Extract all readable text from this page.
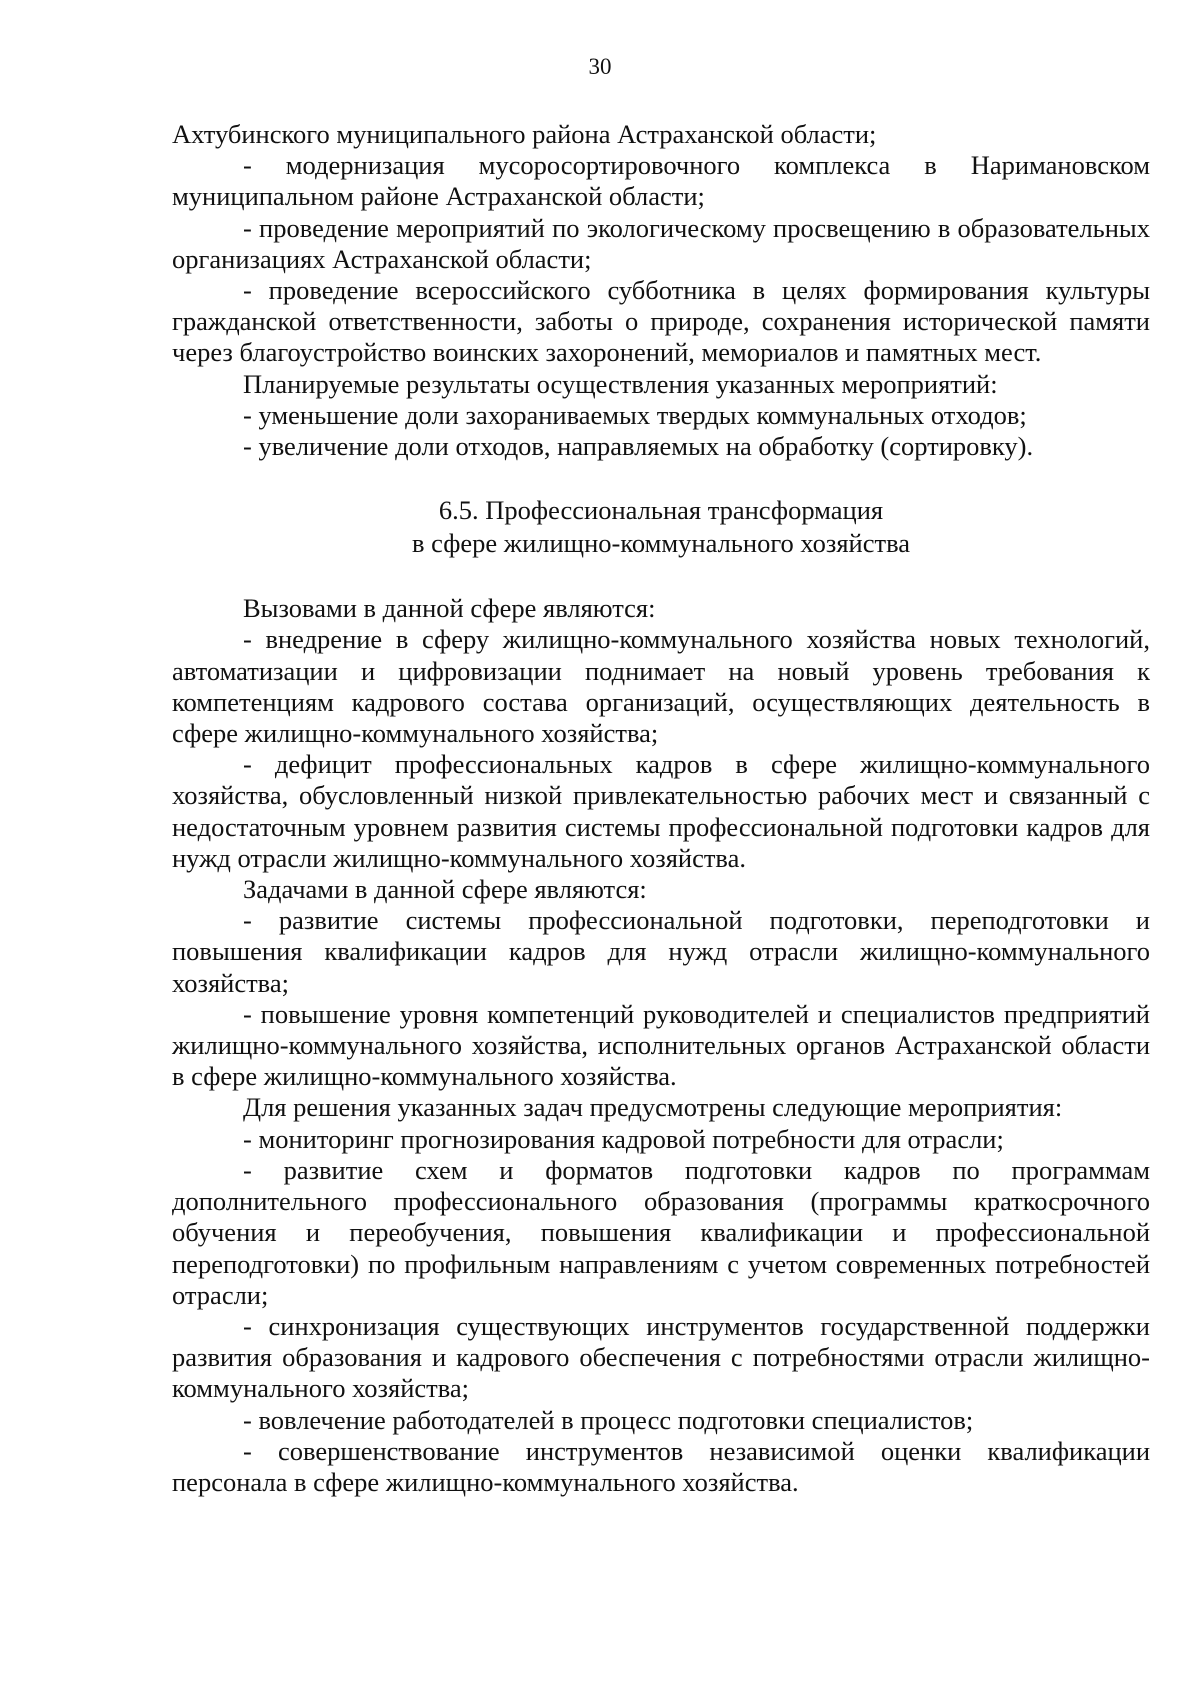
30

Ахтубинского муниципального района Астраханской области;

- модернизация мусоросортировочного комплекса в Наримановском муниципальном районе Астраханской области;

- проведение мероприятий по экологическому просвещению в образовательных организациях Астраханской области;

- проведение всероссийского субботника в целях формирования культуры гражданской ответственности, заботы о природе, сохранения исторической памяти через благоустройство воинских захоронений, мемориалов и памятных мест.

Планируемые результаты осуществления указанных мероприятий:

- уменьшение доли захораниваемых твердых коммунальных отходов;

- увеличение доли отходов, направляемых на обработку (сортировку).

6.5. Профессиональная трансформация
в сфере жилищно-коммунального хозяйства

Вызовами в данной сфере являются:

- внедрение в сферу жилищно-коммунального хозяйства новых технологий, автоматизации и цифровизации поднимает на новый уровень требования к компетенциям кадрового состава организаций, осуществляющих деятельность в сфере жилищно-коммунального хозяйства;

- дефицит профессиональных кадров в сфере жилищно-коммунального хозяйства, обусловленный низкой привлекательностью рабочих мест и связанный с недостаточным уровнем развития системы профессиональной подготовки кадров для нужд отрасли жилищно-коммунального хозяйства.

Задачами в данной сфере являются:

- развитие системы профессиональной подготовки, переподготовки и повышения квалификации кадров для нужд отрасли жилищно-коммунального хозяйства;

- повышение уровня компетенций руководителей и специалистов предприятий жилищно-коммунального хозяйства, исполнительных органов Астраханской области в сфере жилищно-коммунального хозяйства.

Для решения указанных задач предусмотрены следующие мероприятия:

- мониторинг прогнозирования кадровой потребности для отрасли;

- развитие схем и форматов подготовки кадров по программам дополнительного профессионального образования (программы краткосрочного обучения и переобучения, повышения квалификации и профессиональной переподготовки) по профильным направлениям с учетом современных потребностей отрасли;

- синхронизация существующих инструментов государственной поддержки развития образования и кадрового обеспечения с потребностями отрасли жилищно-коммунального хозяйства;

- вовлечение работодателей в процесс подготовки специалистов;

- совершенствование инструментов независимой оценки квалификации персонала в сфере жилищно-коммунального хозяйства.
